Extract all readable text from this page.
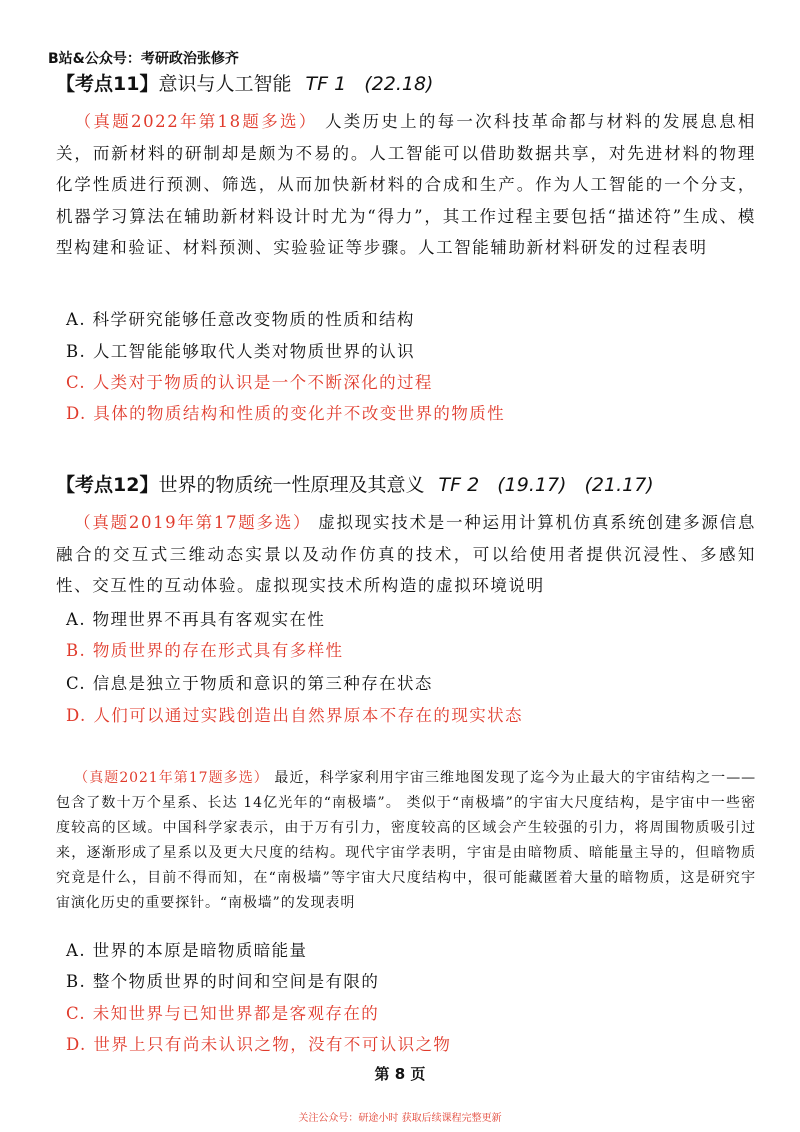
B站&公众号：考研政治张修齐
【考点11】意识与人工智能 TF 1 (22.18)
（真题2022年第18题多选） 人类历史上的每一次科技革命都与材料的发展息息相关，而新材料的研制却是颇为不易的。人工智能可以借助数据共享，对先进材料的物理化学性质进行预测、筛选，从而加快新材料的合成和生产。作为人工智能的一个分支，机器学习算法在辅助新材料设计时尤为“得力”，其工作过程主要包括“描述符”生成、模型构建和验证、材料预测、实验验证等步骤。人工智能辅助新材料研发的过程表明
A. 科学研究能够任意改变物质的性质和结构
B. 人工智能能够取代人类对物质世界的认识
C. 人类对于物质的认识是一个不断深化的过程
D. 具体的物质结构和性质的变化并不改变世界的物质性
【考点12】世界的物质统一性原理及其意义 TF 2 (19.17) (21.17)
（真题2019年第17题多选） 虚拟现实技术是一种运用计算机仿真系统创建多源信息融合的交互式三维动态实景以及动作仿真的技术，可以给使用者提供沉浸性、多感知性、交互性的互动体验。虚拟现实技术所构造的虚拟环境说明
A. 物理世界不再具有客观实在性
B. 物质世界的存在形式具有多样性
C. 信息是独立于物质和意识的第三种存在状态
D. 人们可以通过实践创造出自然界原本不存在的现实状态
（真题2021年第17题多选） 最近，科学家利用宇宙三维地图发现了迄今为止最大的宇宙结构之一——包含了数十万个星系、长达 14亿光年的“南极墙”。 类似于“南极墙”的宇宙大尺度结构，是宇宙中一些密度较高的区域。中国科学家表示，由于万有引力，密度较高的区域会产生较强的引力，将周围物质吸引过来，逐渐形成了星系以及更大尺度的结构。现代宇宙学表明，宇宙是由暗物质、暗能量主导的，但暗物质究竟是什么，目前不得而知，在“南极墙”等宇宙大尺度结构中，很可能藏匿着大量的暗物质，这是研究宇宙演化历史的重要探针。“南极墙”的发现表明
A. 世界的本原是暗物质暗能量
B. 整个物质世界的时间和空间是有限的
C. 未知世界与已知世界都是客观存在的
D. 世界上只有尚未认识之物，没有不可认识之物
第 8 页
关注公众号：研途小时 获取后续课程完整更新
